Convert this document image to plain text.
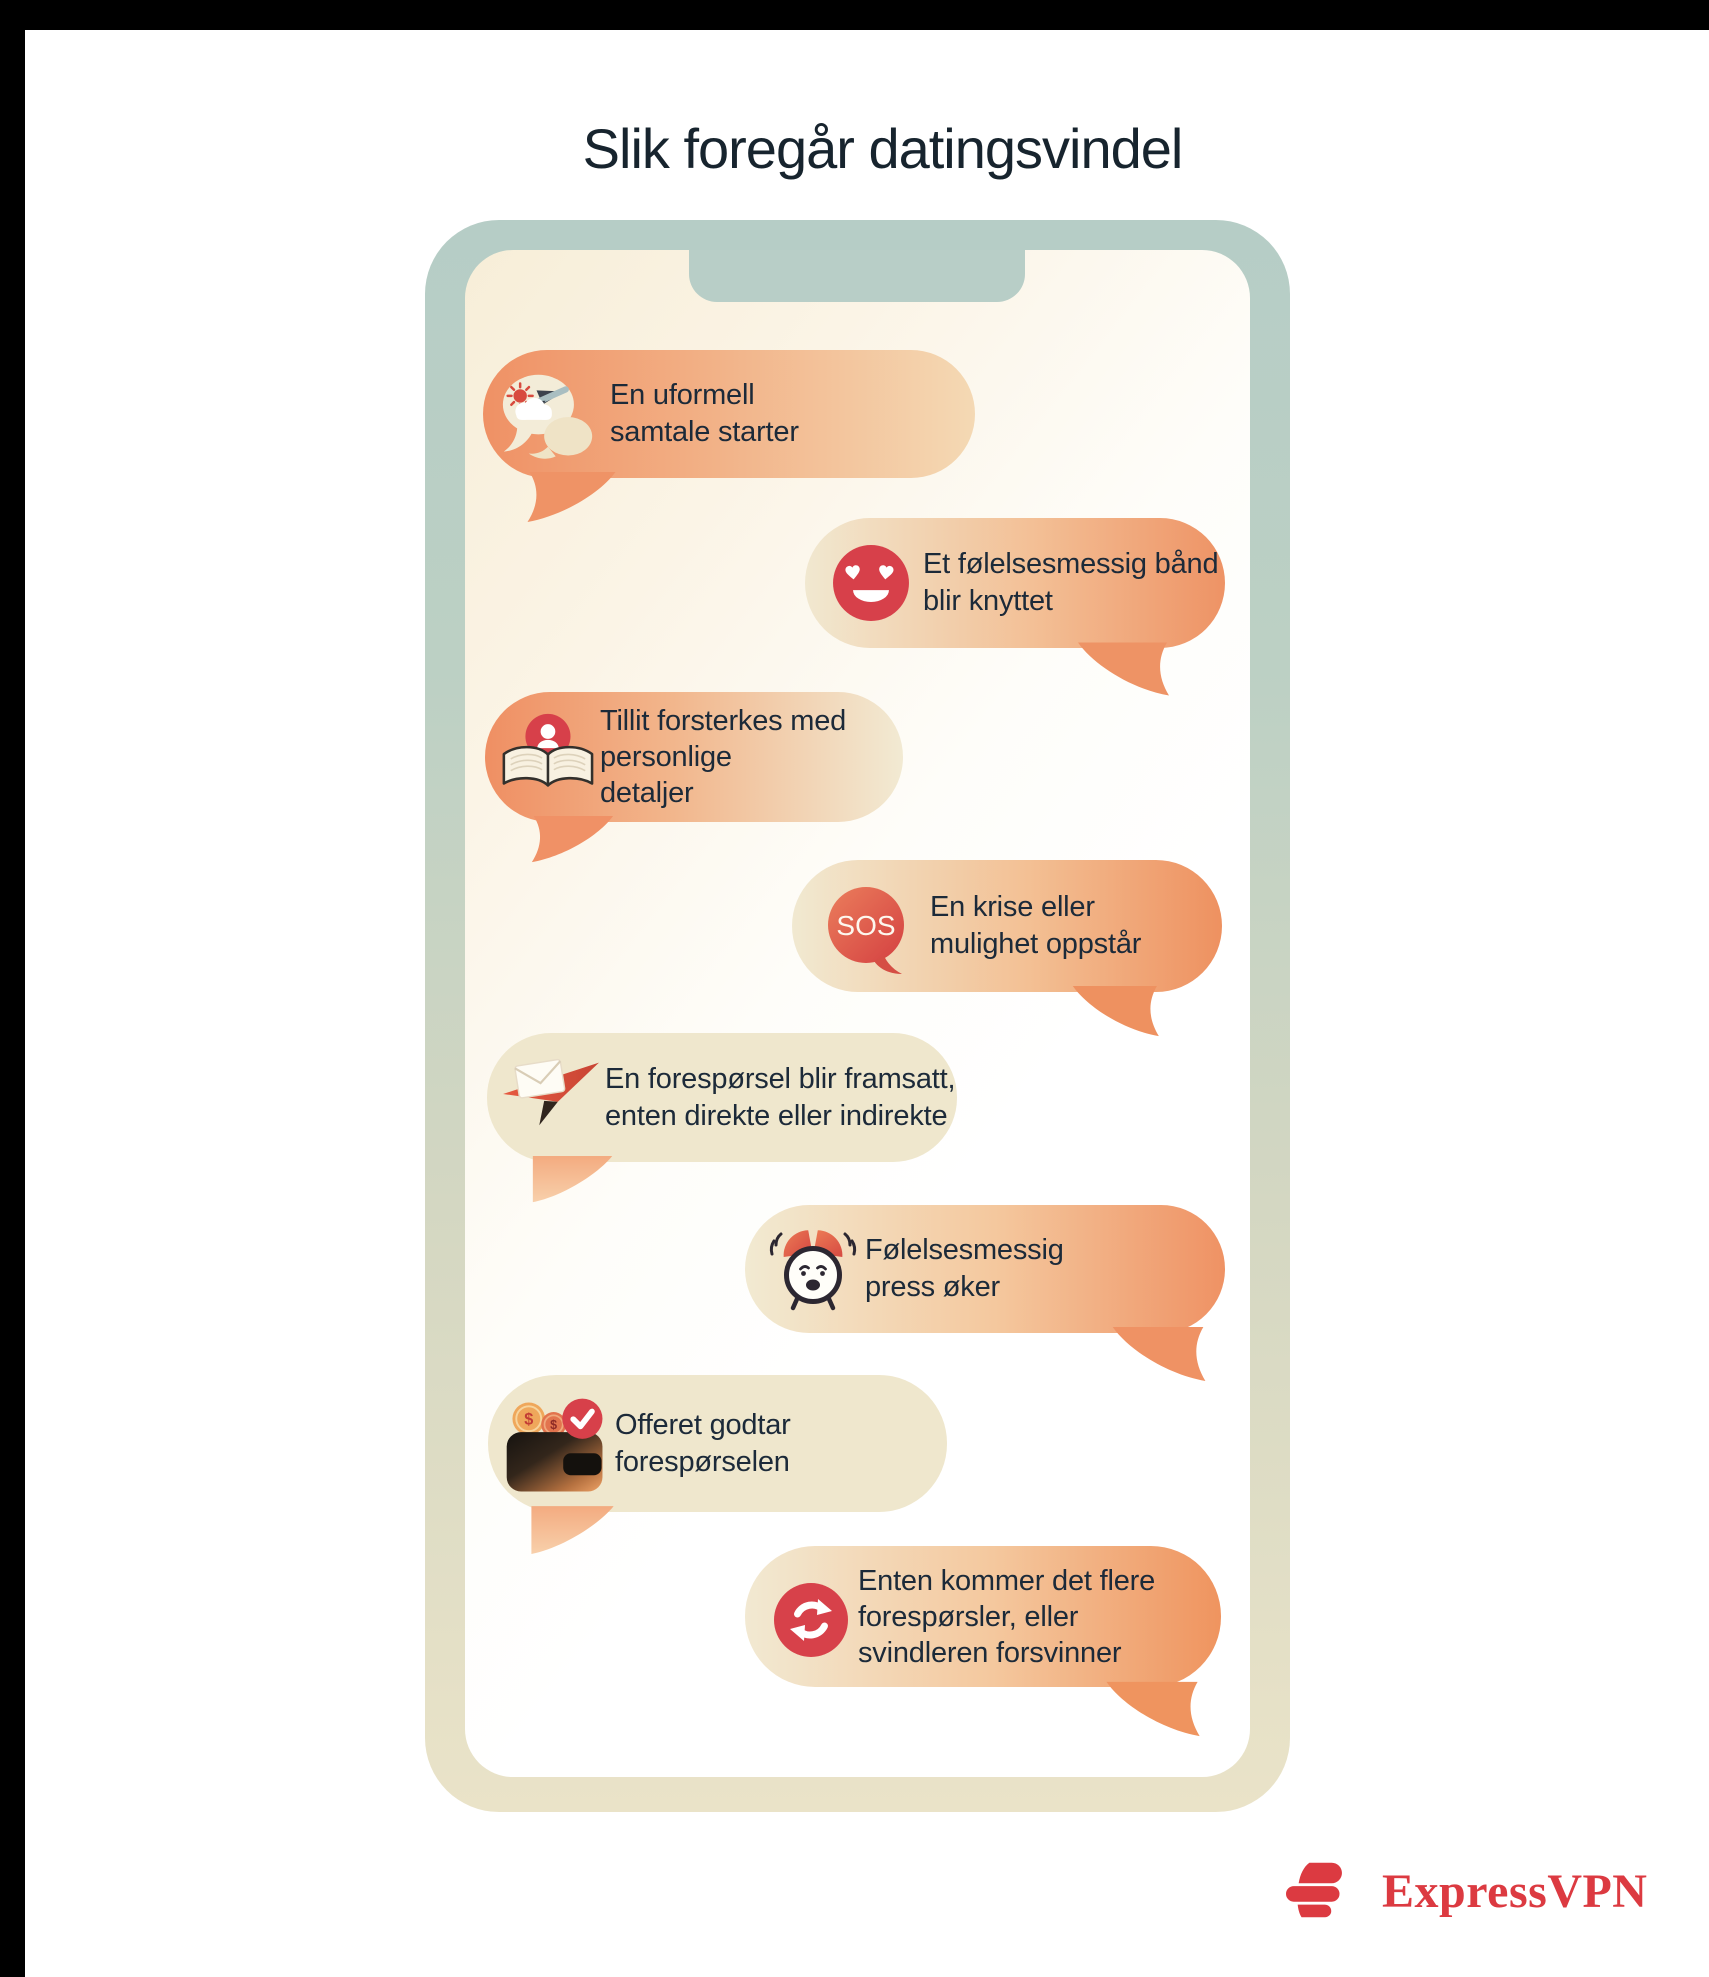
Slik foregår datingsvindel
En uformell
samtale starter
Et følelsesmessig bånd
blir knyttet
Tillit forsterkes med
personlige
detaljer
SOS
En krise eller
mulighet oppstår
En forespørsel blir framsatt,
enten direkte eller indirekte
Følelsesmessig
press øker
$ $ Offeret godtar
forespørselen
Enten kommer det flere
forespørsler, eller
svindleren forsvinner
ExpressVPN
